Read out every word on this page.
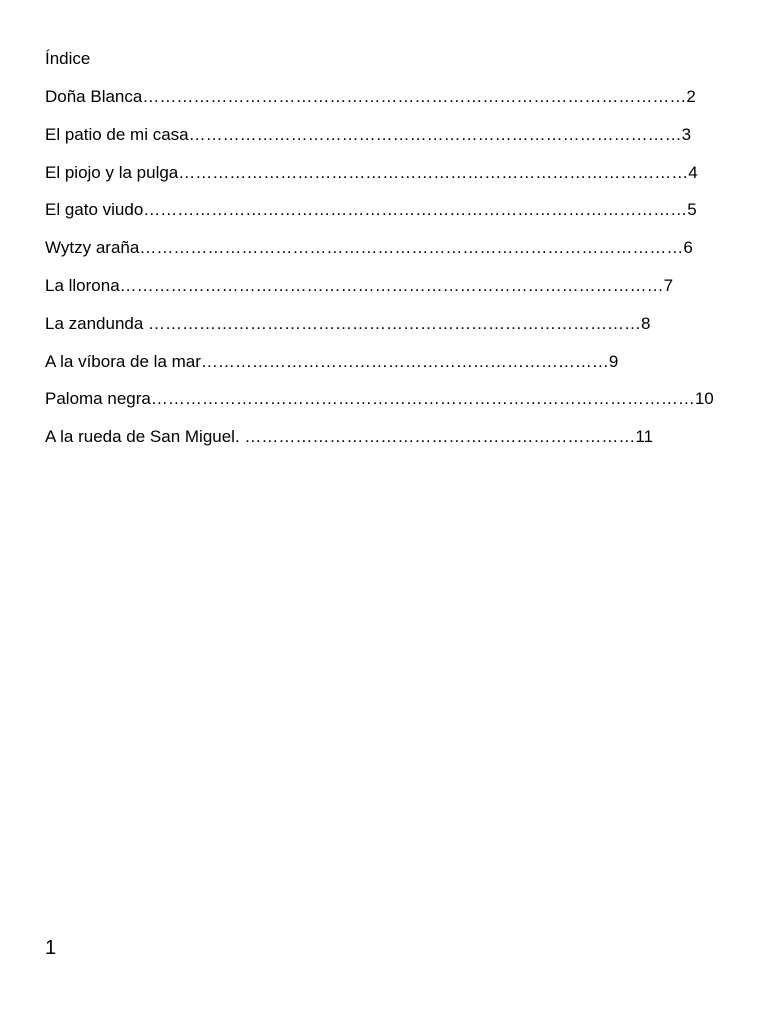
Índice
Doña Blanca……………………………………………………………………………………2
El patio de mi casa……………………………………………………………………………3
El piojo y la pulga………………………………………………………………………………4
El gato viudo……………………………………………………………………………………5
Wytzy araña……………………………………………………………………………………6
La llorona……………………………………………………………………………………7
La zandunda ……………………………………………………………………………8
A la víbora de la mar………………………………………………………………9
Paloma negra……………………………………………………………………………………10
A la rueda de San Miguel. ……………………………………………………………11
1
